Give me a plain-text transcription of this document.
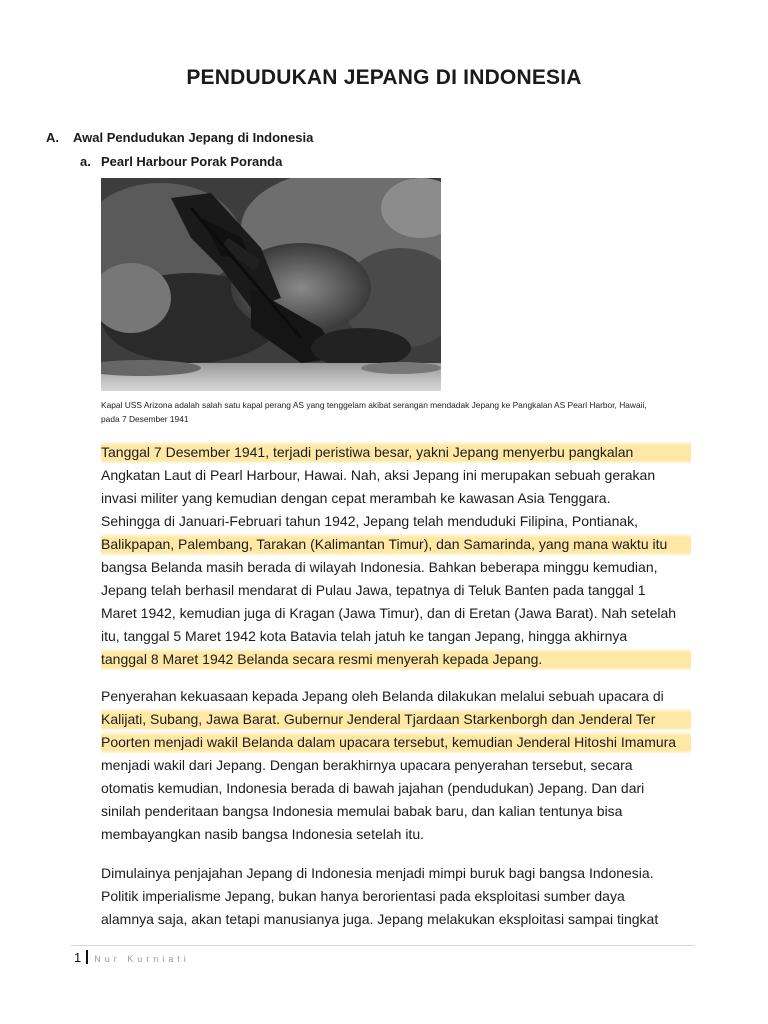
PENDUDUKAN JEPANG DI INDONESIA
A. Awal Pendudukan Jepang di Indonesia
a. Pearl Harbour Porak Poranda
Kapal USS Arizona adalah salah satu kapal perang AS yang tenggelam akibat serangan mendadak Jepang ke Pangkalan AS Pearl Harbor, Hawaii,
pada 7 Desember 1941
Tanggal 7 Desember 1941, terjadi peristiwa besar, yakni Jepang menyerbu pangkalan
Angkatan Laut di Pearl Harbour, Hawai. Nah, aksi Jepang ini merupakan sebuah gerakan
invasi militer yang kemudian dengan cepat merambah ke kawasan Asia Tenggara.
Sehingga di Januari-Februari tahun 1942, Jepang telah menduduki Filipina, Pontianak,
Balikpapan, Palembang, Tarakan (Kalimantan Timur), dan Samarinda, yang mana waktu itu
bangsa Belanda masih berada di wilayah Indonesia. Bahkan beberapa minggu kemudian,
Jepang telah berhasil mendarat di Pulau Jawa, tepatnya di Teluk Banten pada tanggal 1
Maret 1942, kemudian juga di Kragan (Jawa Timur), dan di Eretan (Jawa Barat). Nah setelah
itu, tanggal 5 Maret 1942 kota Batavia telah jatuh ke tangan Jepang, hingga akhirnya
tanggal 8 Maret 1942 Belanda secara resmi menyerah kepada Jepang.
Penyerahan kekuasaan kepada Jepang oleh Belanda dilakukan melalui sebuah upacara di
Kalijati, Subang, Jawa Barat. Gubernur Jenderal Tjardaan Starkenborgh dan Jenderal Ter
Poorten menjadi wakil Belanda dalam upacara tersebut, kemudian Jenderal Hitoshi Imamura
menjadi wakil dari Jepang. Dengan berakhirnya upacara penyerahan tersebut, secara
otomatis kemudian, Indonesia berada di bawah jajahan (pendudukan) Jepang. Dan dari
sinilah penderitaan bangsa Indonesia memulai babak baru, dan kalian tentunya bisa
membayangkan nasib bangsa Indonesia setelah itu.
Dimulainya penjajahan Jepang di Indonesia menjadi mimpi buruk bagi bangsa Indonesia.
Politik imperialisme Jepang, bukan hanya berorientasi pada eksploitasi sumber daya
alamnya saja, akan tetapi manusianya juga. Jepang melakukan eksploitasi sampai tingkat
1 Nur Kurniati
